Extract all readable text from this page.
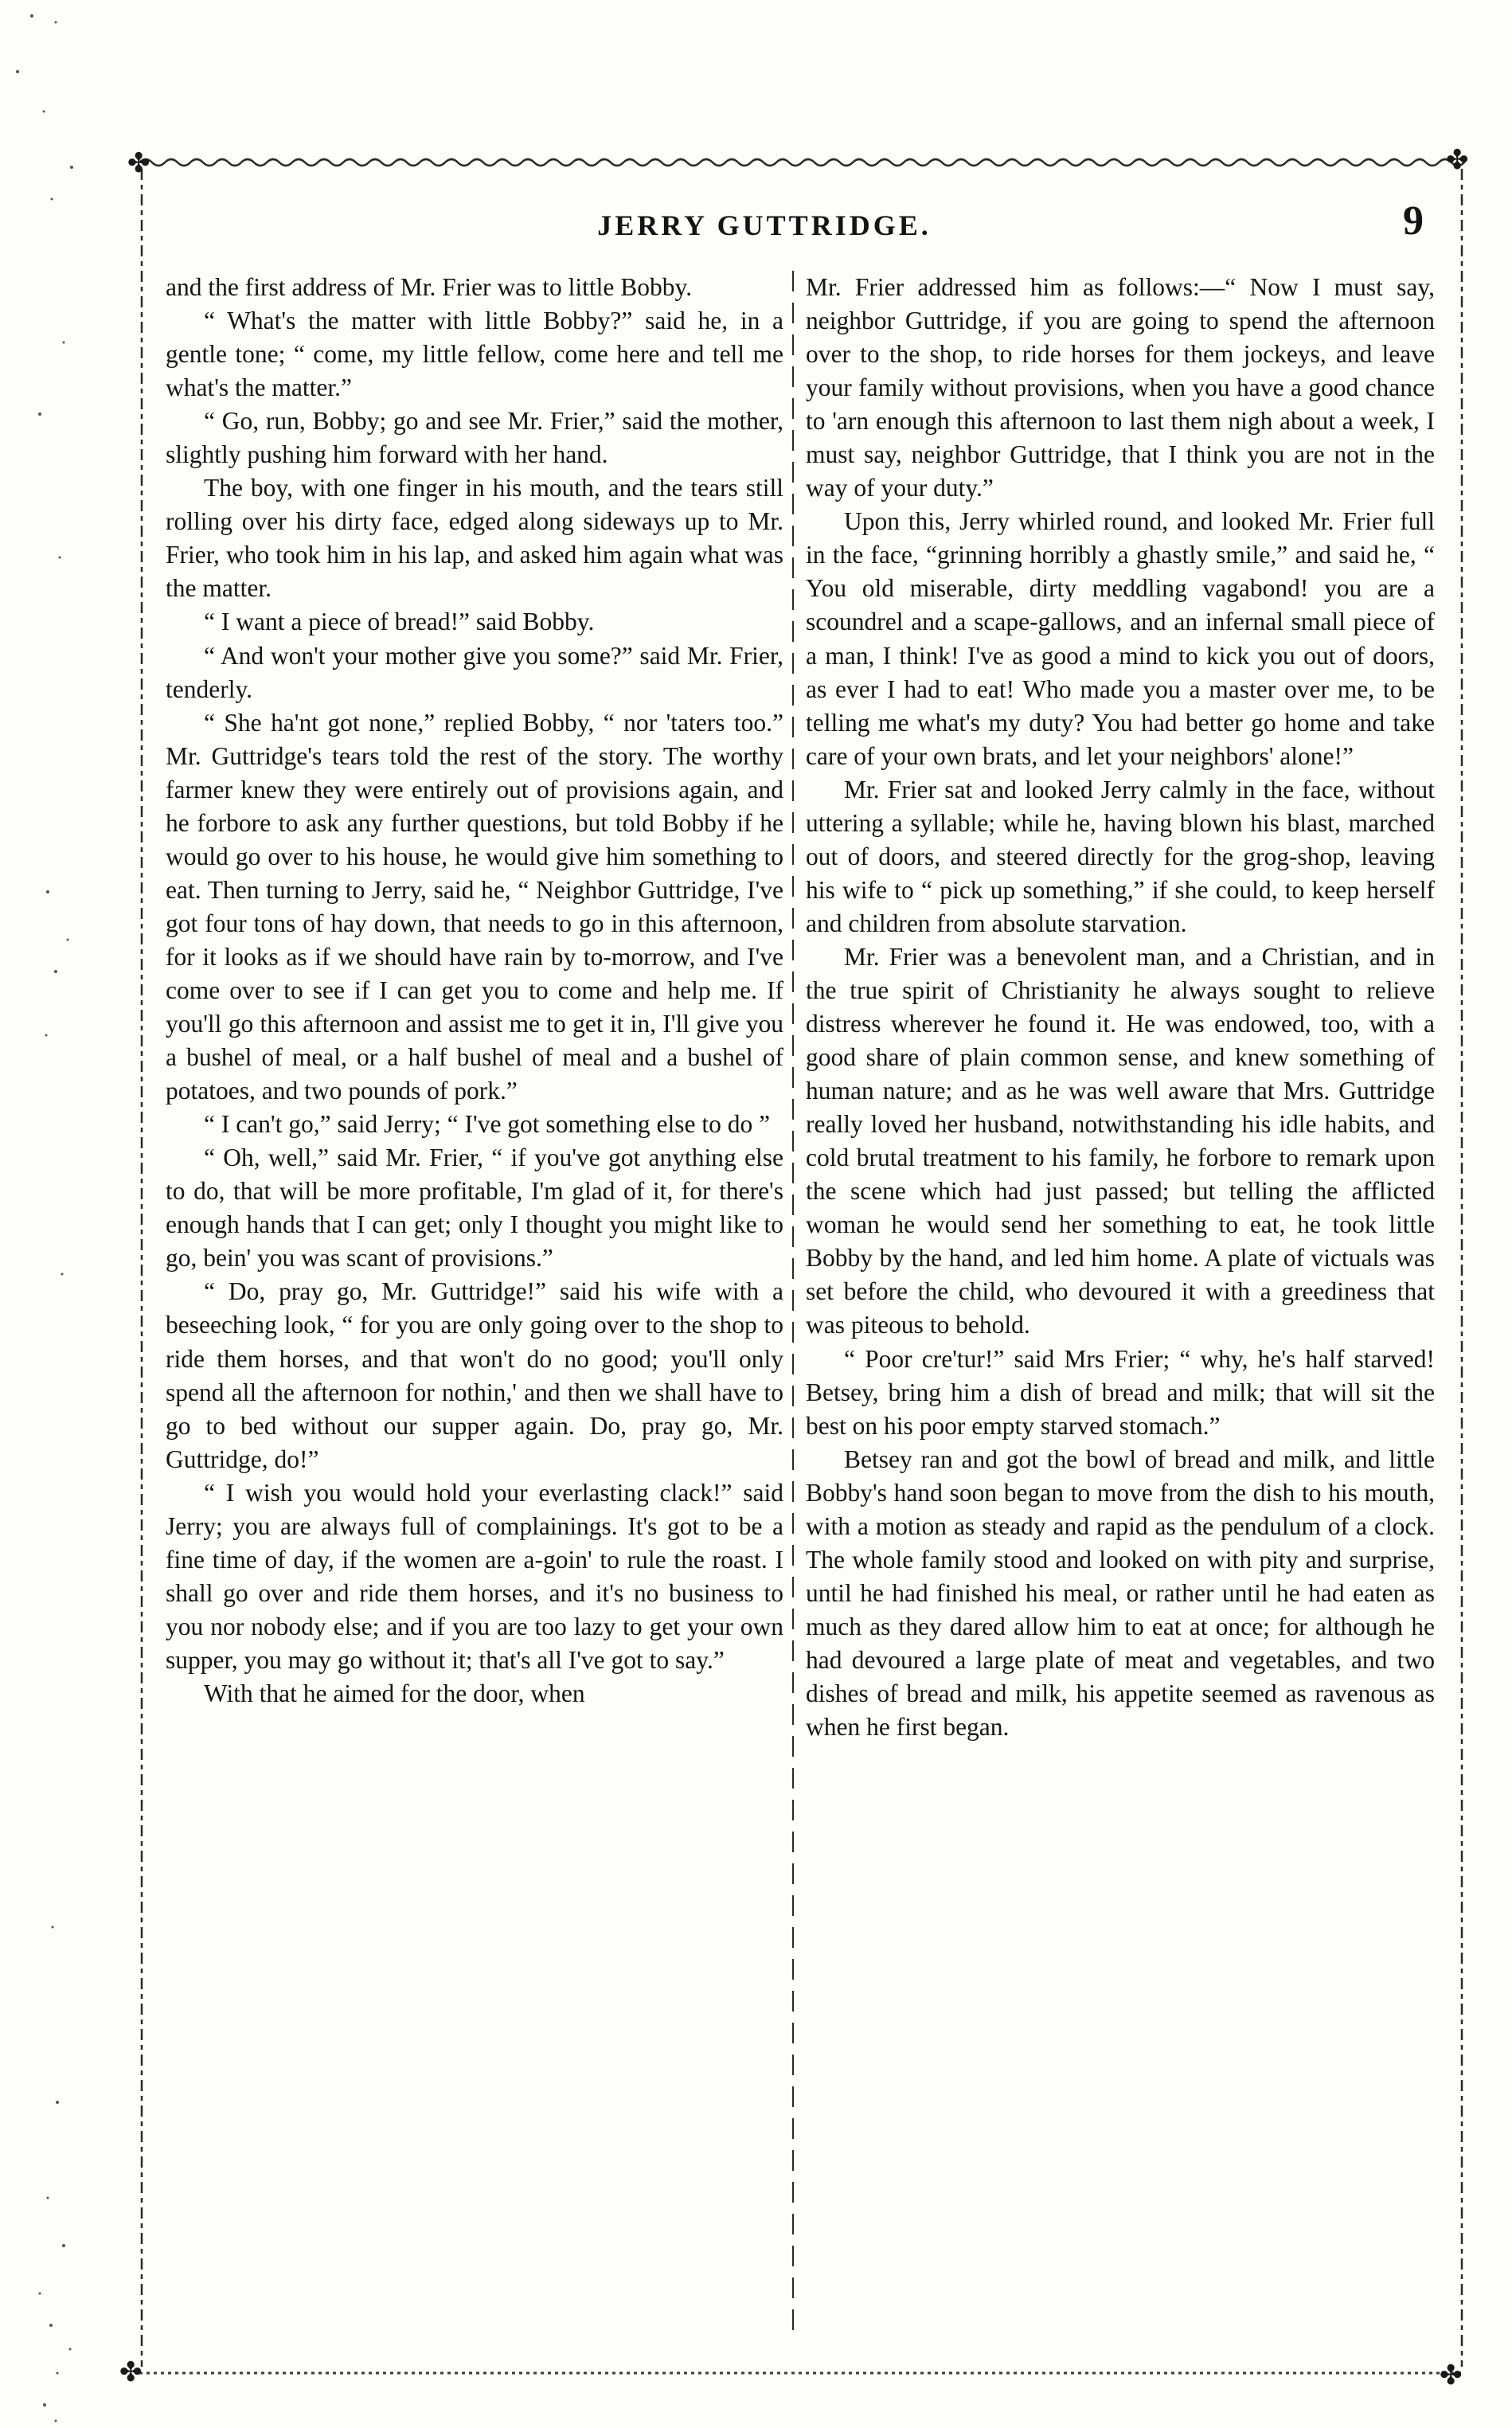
✤	✤
✤	✤
JERRY GUTTRIDGE.	9

and the first address of Mr. Frier was to little Bobby.

“ What's the matter with little Bobby?” said he, in a gentle tone; “ come, my little fellow, come here and tell me what's the matter.”

“ Go, run, Bobby; go and see Mr. Frier,” said the mother, slightly pushing him forward with her hand.

The boy, with one finger in his mouth, and the tears still rolling over his dirty face, edged along sideways up to Mr. Frier, who took him in his lap, and asked him again what was the matter.

“ I want a piece of bread!” said Bobby.

“ And won't your mother give you some?” said Mr. Frier, tenderly.

“ She ha'nt got none,” replied Bobby, “ nor 'taters too.” Mr. Guttridge's tears told the rest of the story. The worthy farmer knew they were entirely out of provisions again, and he forbore to ask any further questions, but told Bobby if he would go over to his house, he would give him something to eat. Then turning to Jerry, said he, “ Neighbor Guttridge, I've got four tons of hay down, that needs to go in this afternoon, for it looks as if we should have rain by to-morrow, and I've come over to see if I can get you to come and help me. If you'll go this afternoon and assist me to get it in, I'll give you a bushel of meal, or a half bushel of meal and a bushel of potatoes, and two pounds of pork.”

“ I can't go,” said Jerry; “ I've got something else to do ”

“ Oh, well,” said Mr. Frier, “ if you've got anything else to do, that will be more profitable, I'm glad of it, for there's enough hands that I can get; only I thought you might like to go, bein' you was scant of provisions.”

“ Do, pray go, Mr. Guttridge!” said his wife with a beseeching look, “ for you are only going over to the shop to ride them horses, and that won't do no good; you'll only spend all the afternoon for nothin,' and then we shall have to go to bed without our supper again. Do, pray go, Mr. Guttridge, do!”

“ I wish you would hold your everlasting clack!” said Jerry; you are always full of complainings. It's got to be a fine time of day, if the women are a-goin' to rule the roast. I shall go over and ride them horses, and it's no business to you nor nobody else; and if you are too lazy to get your own supper, you may go without it; that's all I've got to say.”

With that he aimed for the door, when

Mr. Frier addressed him as follows:—“ Now I must say, neighbor Guttridge, if you are going to spend the afternoon over to the shop, to ride horses for them jockeys, and leave your family without provisions, when you have a good chance to 'arn enough this afternoon to last them nigh about a week, I must say, neighbor Guttridge, that I think you are not in the way of your duty.”

Upon this, Jerry whirled round, and looked Mr. Frier full in the face, “grinning horribly a ghastly smile,” and said he, “ You old miserable, dirty meddling vagabond! you are a scoundrel and a scape-gallows, and an infernal small piece of a man, I think! I've as good a mind to kick you out of doors, as ever I had to eat! Who made you a master over me, to be telling me what's my duty? You had better go home and take care of your own brats, and let your neighbors' alone!”

Mr. Frier sat and looked Jerry calmly in the face, without uttering a syllable; while he, having blown his blast, marched out of doors, and steered directly for the grog-shop, leaving his wife to “ pick up something,” if she could, to keep herself and children from absolute starvation.

Mr. Frier was a benevolent man, and a Christian, and in the true spirit of Christianity he always sought to relieve distress wherever he found it. He was endowed, too, with a good share of plain common sense, and knew something of human nature; and as he was well aware that Mrs. Guttridge really loved her husband, notwithstanding his idle habits, and cold brutal treatment to his family, he forbore to remark upon the scene which had just passed; but telling the afflicted woman he would send her something to eat, he took little Bobby by the hand, and led him home. A plate of victuals was set before the child, who devoured it with a greediness that was piteous to behold.

“ Poor cre'tur!” said Mrs Frier; “ why, he's half starved! Betsey, bring him a dish of bread and milk; that will sit the best on his poor empty starved stomach.”

Betsey ran and got the bowl of bread and milk, and little Bobby's hand soon began to move from the dish to his mouth, with a motion as steady and rapid as the pendulum of a clock. The whole family stood and looked on with pity and surprise, until he had finished his meal, or rather until he had eaten as much as they dared allow him to eat at once; for although he had devoured a large plate of meat and vegetables, and two dishes of bread and milk, his appetite seemed as ravenous as when he first began.
